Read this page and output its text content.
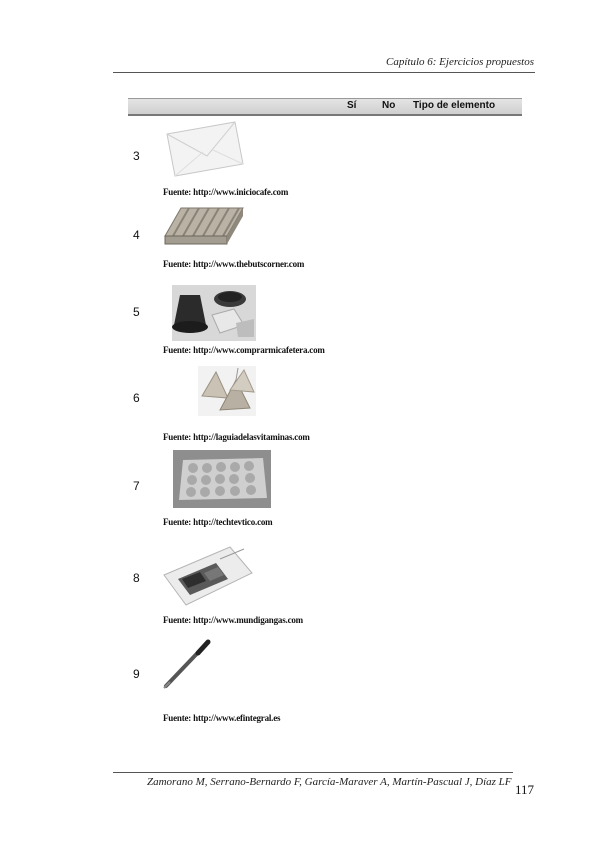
Capítulo 6: Ejercicios propuestos
Sí	No Tipo de elemento
3
Fuente: http://www.iniciocafe.com
4
Fuente: http://www.thebutscorner.com
5
Fuente: http://www.comprarmicafetera.com
6
Fuente: http://laguiadelasvitaminas.com
7
Fuente: http://techtevtico.com
8
Fuente: http://www.mundigangas.com
9
Fuente: http://www.efintegral.es
Zamorano M, Serrano-Bernardo F, García-Maraver A, Martín-Pascual J, Díaz LF 117
